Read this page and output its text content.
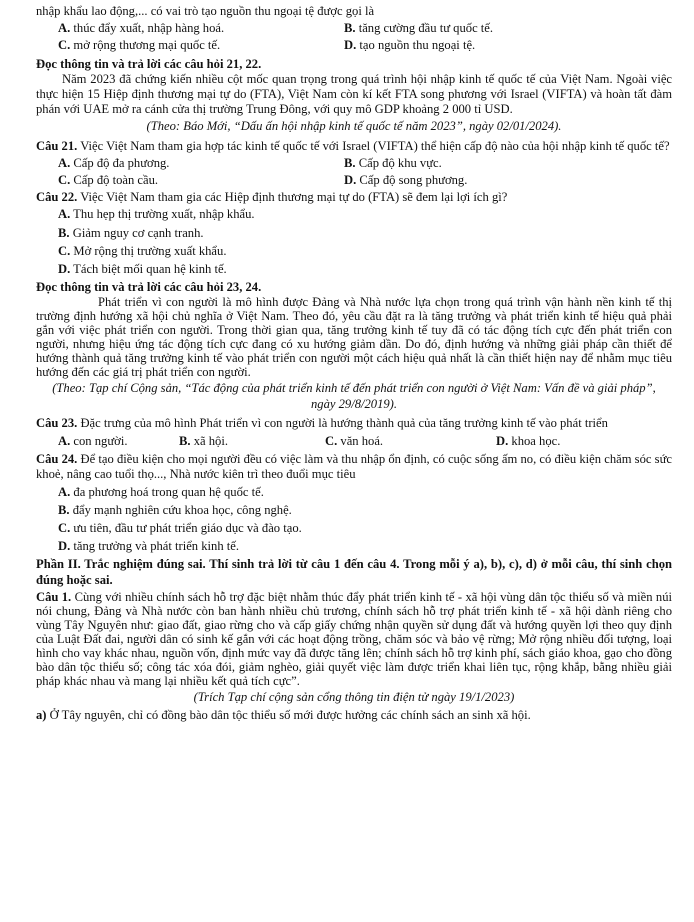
nhập khẩu lao động,... có vai trò tạo nguồn thu ngoại tệ được gọi là

A. thúc đẩy xuất, nhập hàng hoá.	B. tăng cường đầu tư quốc tế.
C. mở rộng thương mại quốc tế.	D. tạo nguồn thu ngoại tệ.

Đọc thông tin và trả lời các câu hỏi 21, 22.

Năm 2023 đã chứng kiến nhiều cột mốc quan trọng trong quá trình hội nhập kinh tế quốc tế của Việt Nam. Ngoài việc thực hiện 15 Hiệp định thương mại tự do (FTA), Việt Nam còn kí kết FTA song phương với Israel (VIFTA) và hoàn tất đàm phán với UAE mở ra cánh cửa thị trường Trung Đông, với quy mô GDP khoảng 2 000 tỉ USD.

(Theo: Báo Mới, “Dấu ấn hội nhập kinh tế quốc tế năm 2023”, ngày 02/01/2024).

Câu 21. Việc Việt Nam tham gia hợp tác kinh tế quốc tế với Israel (VIFTA) thể hiện cấp độ nào của hội nhập kinh tế quốc tế?

A. Cấp độ đa phương.	B. Cấp độ khu vực.
C. Cấp độ toàn cầu.	D. Cấp độ song phương.

Câu 22. Việc Việt Nam tham gia các Hiệp định thương mại tự do (FTA) sẽ đem lại lợi ích gì?

A. Thu hẹp thị trường xuất, nhập khẩu.

B. Giảm nguy cơ cạnh tranh.

C. Mở rộng thị trường xuất khẩu.

D. Tách biệt mối quan hệ kinh tế.

Đọc thông tin và trả lời các câu hỏi 23, 24.

Phát triển vì con người là mô hình được Đảng và Nhà nước lựa chọn trong quá trình vận hành nền kinh tế thị trường định hướng xã hội chủ nghĩa ở Việt Nam. Theo đó, yêu cầu đặt ra là tăng trưởng và phát triển kinh tế hiệu quả phải gắn với việc phát triển con người. Trong thời gian qua, tăng trưởng kinh tế tuy đã có tác động tích cực đến phát triển con người, nhưng hiệu ứng tác động tích cực đang có xu hướng giảm dần. Do đó, định hướng và những giải pháp cần thiết để hướng thành quả tăng trưởng kinh tế vào phát triển con người một cách hiệu quả nhất là cần thiết hiện nay để nhằm mục tiêu hướng đến các giá trị phát triển con người.

(Theo: Tạp chí Cộng sản, “Tác động của phát triển kinh tế đến phát triển con người ở Việt Nam: Vấn đề và giải pháp”, ngày 29/8/2019).

Câu 23. Đặc trưng của mô hình Phát triển vì con người là hướng thành quả của tăng trưởng kinh tế vào phát triển

A. con người.	B. xã hội.	C. văn hoá.	D. khoa học.

Câu 24. Để tạo điều kiện cho mọi người đều có việc làm và thu nhập ổn định, có cuộc sống ấm no, có điều kiện chăm sóc sức khoẻ, nâng cao tuổi thọ..., Nhà nước kiên trì theo đuổi mục tiêu

A. đa phương hoá trong quan hệ quốc tế.

B. đẩy mạnh nghiên cứu khoa học, công nghệ.

C. ưu tiên, đầu tư phát triển giáo dục và đào tạo.

D. tăng trưởng và phát triển kinh tế.

Phần II. Trắc nghiệm đúng sai. Thí sinh trả lời từ câu 1 đến câu 4. Trong mỗi ý a), b), c), d) ở mỗi câu, thí sinh chọn đúng hoặc sai.

Câu 1. Cùng với nhiều chính sách hỗ trợ đặc biệt nhằm thúc đẩy phát triển kinh tế - xã hội vùng dân tộc thiểu số và miền núi nói chung, Đảng và Nhà nước còn ban hành nhiều chủ trương, chính sách hỗ trợ phát triển kinh tế - xã hội dành riêng cho vùng Tây Nguyên như: giao đất, giao rừng cho và cấp giấy chứng nhận quyền sử dụng đất và hướng quyền lợi theo quy định của Luật Đất đai, người dân có sinh kế gắn với các hoạt động trồng, chăm sóc và bảo vệ rừng; Mở rộng nhiều đối tượng, loại hình cho vay khác nhau, nguồn vốn, định mức vay đã được tăng lên; chính sách hỗ trợ kinh phí, sách giáo khoa, gạo cho đồng bào dân tộc thiểu số; công tác xóa đói, giảm nghèo, giải quyết việc làm được triển khai liên tục, rộng khắp, bằng nhiều giải pháp khác nhau và mang lại nhiều kết quả tích cực”.

(Trích Tạp chí cộng sản cổng thông tin điện tử ngày 19/1/2023)

a) Ở Tây nguyên, chỉ có đồng bào dân tộc thiểu số mới được hưởng các chính sách an sinh xã hội.
